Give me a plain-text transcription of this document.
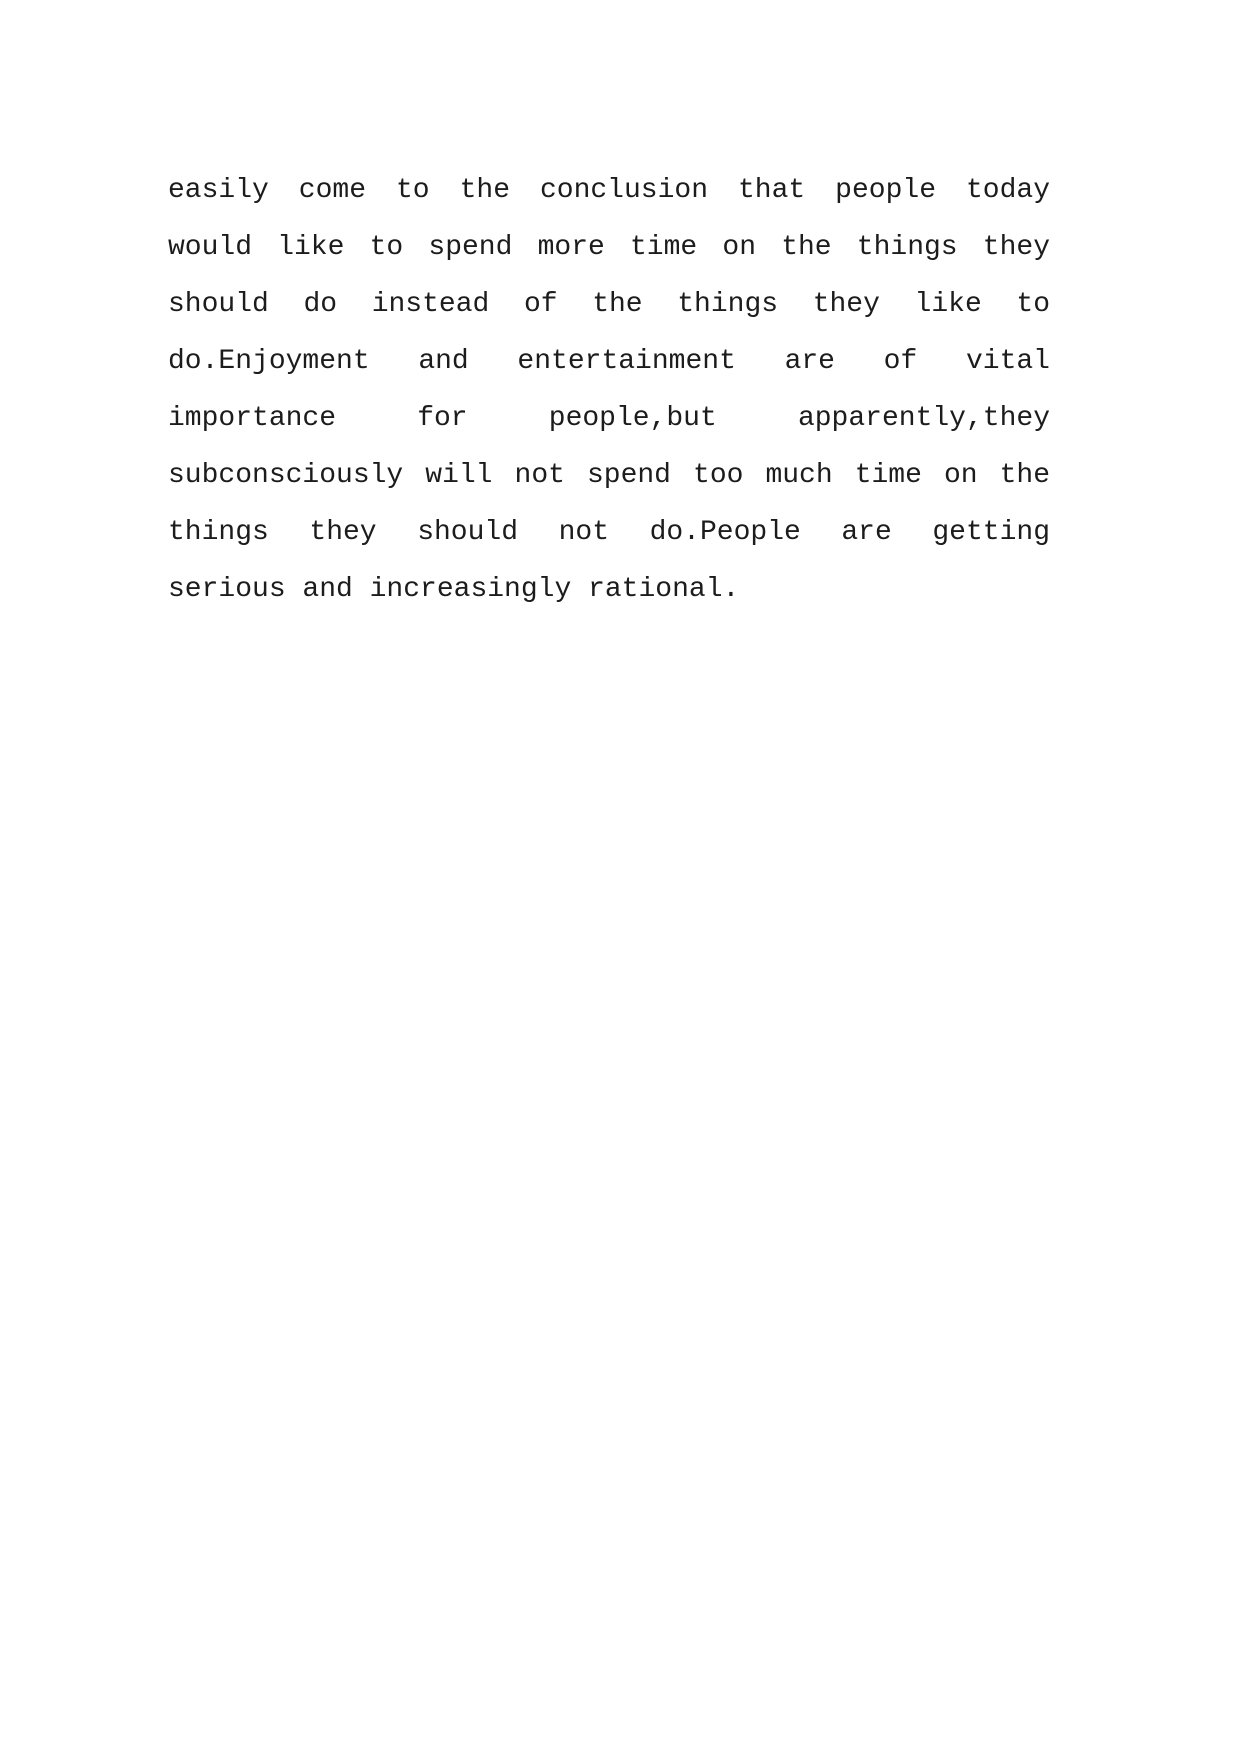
easily come to the conclusion that people today
would like to spend more time on the things they
should do instead of the things they like to
do.Enjoyment and entertainment are of vital
importance for people,but apparently,they
subconsciously will not spend too much time on the
things they should not do.People are getting
serious and increasingly rational.
